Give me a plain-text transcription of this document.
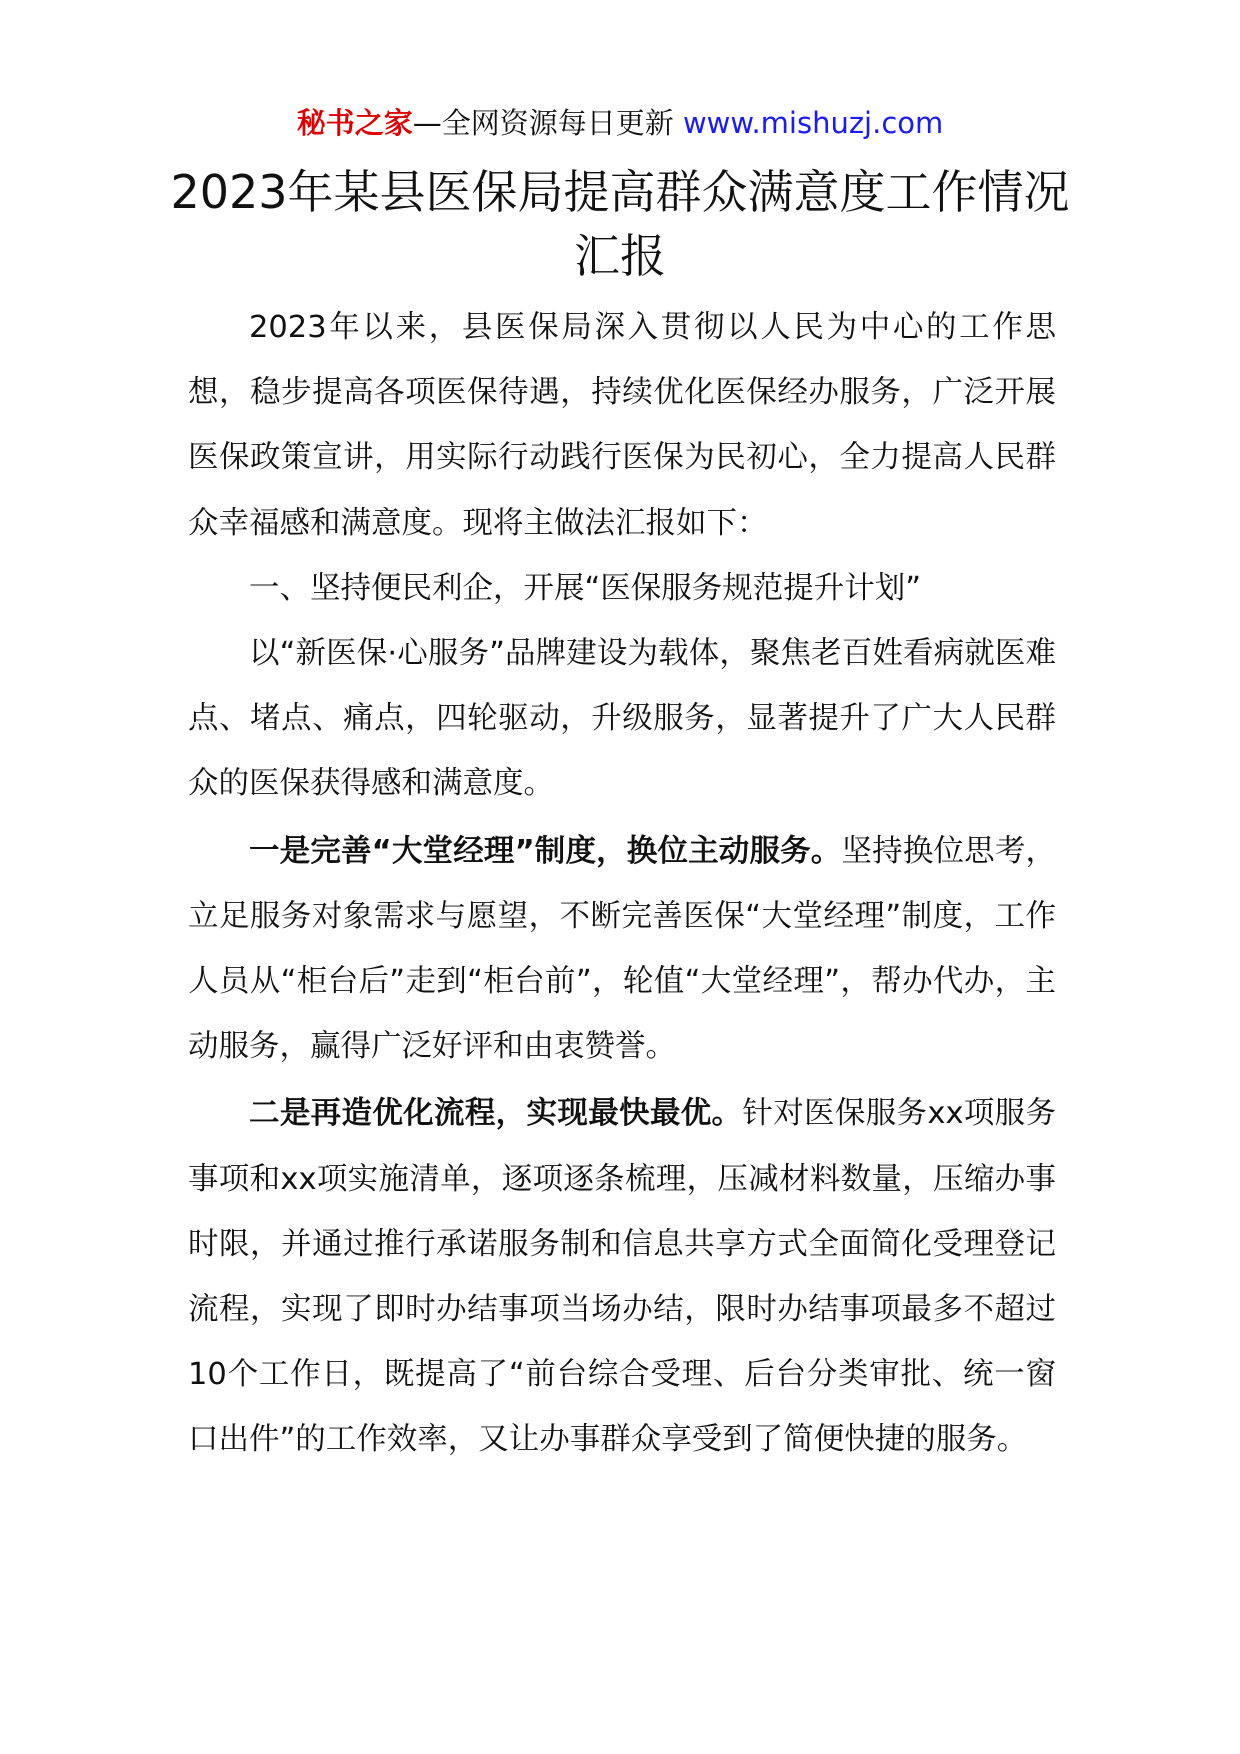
秘书之家—全网资源每日更新 www.mishuzj.com
2023年某县医保局提高群众满意度工作情况汇报

2023年以来，县医保局深入贯彻以人民为中心的工作思想，稳步提高各项医保待遇，持续优化医保经办服务，广泛开展医保政策宣讲，用实际行动践行医保为民初心，全力提高人民群众幸福感和满意度。现将主做法汇报如下：

一、坚持便民利企，开展“医保服务规范提升计划”

以“新医保·心服务”品牌建设为载体，聚焦老百姓看病就医难点、堵点、痛点，四轮驱动，升级服务，显著提升了广大人民群众的医保获得感和满意度。

一是完善“大堂经理”制度，换位主动服务。坚持换位思考，立足服务对象需求与愿望，不断完善医保“大堂经理”制度，工作人员从“柜台后”走到“柜台前”，轮值“大堂经理”，帮办代办，主动服务，赢得广泛好评和由衷赞誉。

二是再造优化流程，实现最快最优。针对医保服务xx项服务事项和xx项实施清单，逐项逐条梳理，压减材料数量，压缩办事时限，并通过推行承诺服务制和信息共享方式全面简化受理登记流程，实现了即时办结事项当场办结，限时办结事项最多不超过10个工作日，既提高了“前台综合受理、后台分类审批、统一窗口出件”的工作效率，又让办事群众享受到了简便快捷的服务。
